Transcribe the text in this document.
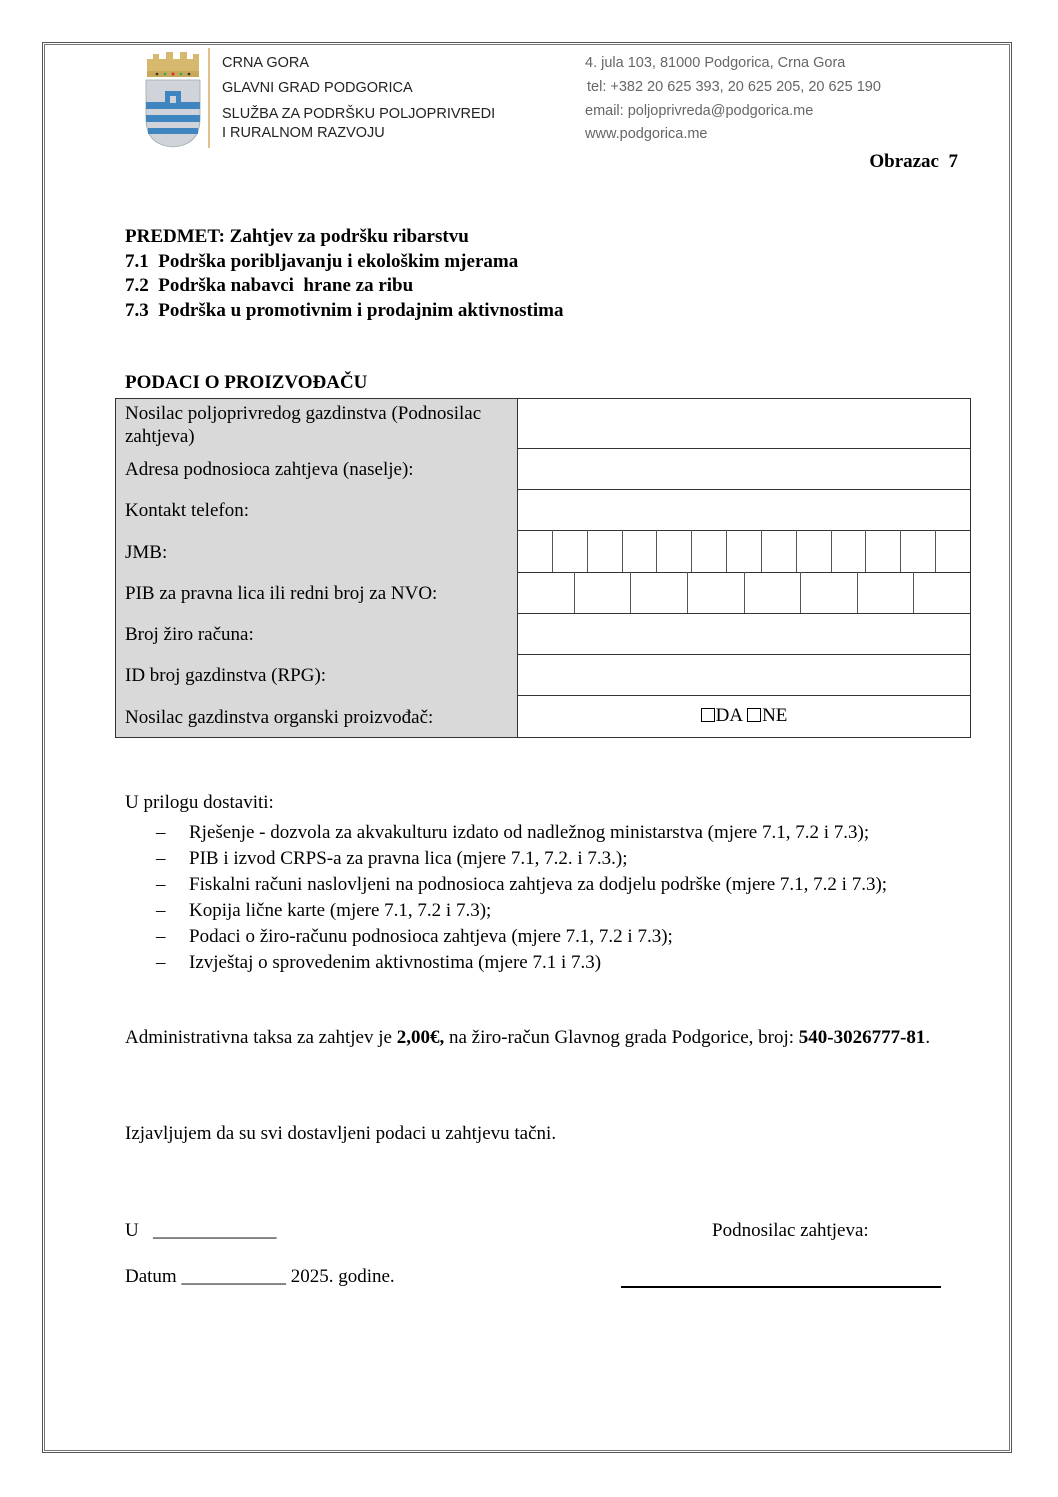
CRNA GORA
GLAVNI GRAD PODGORICA
SLUŽBA ZA PODRŠKU POLJOPRIVREDI
I RURALNOM RAZVOJU
4. jula 103, 81000 Podgorica, Crna Gora
tel: +382 20 625 393, 20 625 205, 20 625 190
email: poljoprivreda@podgorica.me
www.podgorica.me
Obrazac  7
PREDMET: Zahtjev za podršku ribarstvu
7.1  Podrška poribljavanju i ekološkim mjerama
7.2  Podrška nabavci  hrane za ribu
7.3  Podrška u promotivnim i prodajnim aktivnostima
PODACI O PROIZVOĐAČU
Nosilac poljoprivredog gazdinstva (Podnosilac zahtjeva)
Adresa podnosioca zahtjeva (naselje):
Kontakt telefon:
JMB:
PIB za pravna lica ili redni broj za NVO:
Broj žiro računa:
ID broj gazdinstva (RPG):
Nosilac gazdinstva organski proizvođač:	DA	NE
U prilogu dostaviti:
– Rješenje - dozvola za akvakulturu izdato od nadležnog ministarstva (mjere 7.1, 7.2 i 7.3);
– PIB i izvod CRPS-a za pravna lica (mjere 7.1, 7.2. i 7.3.);
– Fiskalni računi naslovljeni na podnosioca zahtjeva za dodjelu podrške (mjere 7.1, 7.2 i 7.3);
– Kopija lične karte (mjere 7.1, 7.2 i 7.3);
– Podaci o žiro-računu podnosioca zahtjeva (mjere 7.1, 7.2 i 7.3);
– Izvještaj o sprovedenim aktivnostima (mjere 7.1 i 7.3)
Administrativna taksa za zahtjev je 2,00€, na žiro-račun Glavnog grada Podgorice, broj: 540-3026777-81.
Izjavljujem da su svi dostavljeni podaci u zahtjevu tačni.
U   _____________	Podnosilac zahtjeva:
Datum ___________ 2025. godine.
